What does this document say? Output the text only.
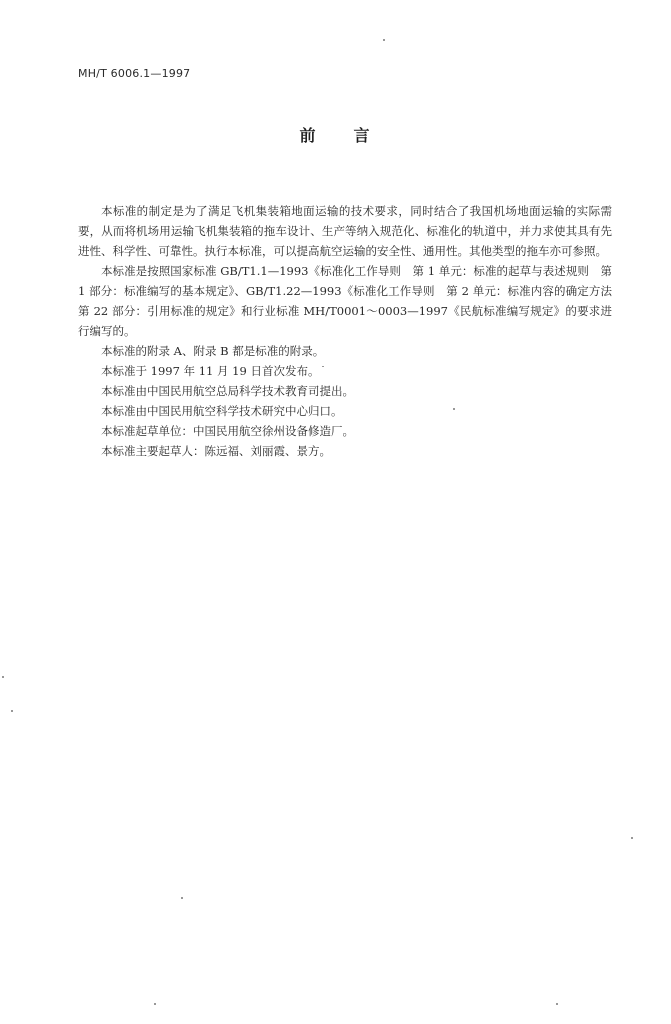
MH/T 6006.1—1997
前　　言

本标准的制定是为了满足飞机集装箱地面运输的技术要求，同时结合了我国机场地面运输的实际需要，从而将机场用运输飞机集装箱的拖车设计、生产等纳入规范化、标准化的轨道中，并力求使其具有先进性、科学性、可靠性。执行本标准，可以提高航空运输的安全性、通用性。其他类型的拖车亦可参照。

本标准是按照国家标准 GB/T1.1—1993《标准化工作导则　第 1 单元：标准的起草与表述规则　第 1 部分：标准编写的基本规定》、GB/T1.22—1993《标准化工作导则　第 2 单元：标准内容的确定方法　第 22 部分：引用标准的规定》和行业标准 MH/T0001～0003—1997《民航标准编写规定》的要求进行编写的。

本标准的附录 A、附录 B 都是标准的附录。

本标准于 1997 年 11 月 19 日首次发布。

本标准由中国民用航空总局科学技术教育司提出。

本标准由中国民用航空科学技术研究中心归口。

本标准起草单位：中国民用航空徐州设备修造厂。

本标准主要起草人：陈远福、刘丽霞、景方。
